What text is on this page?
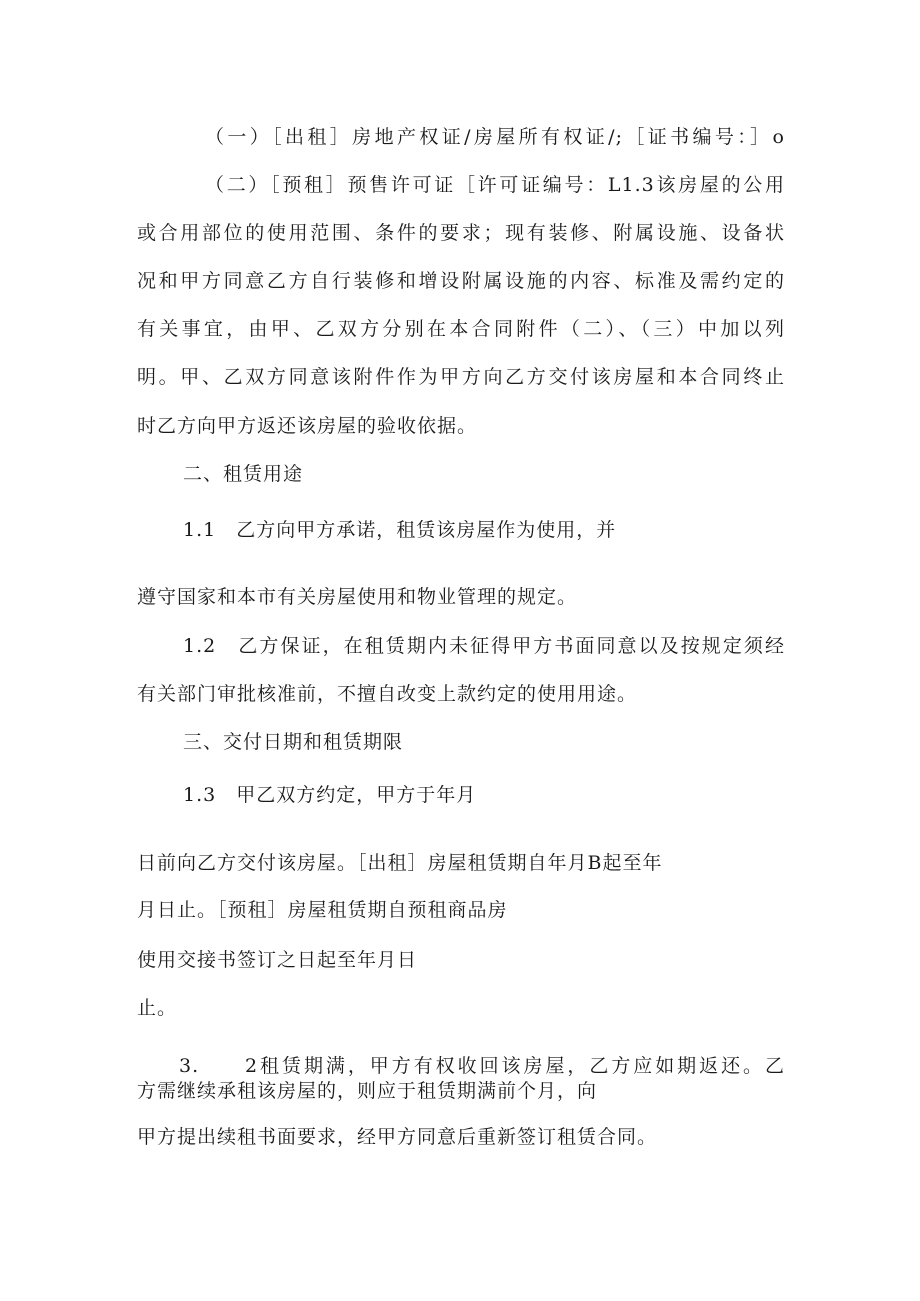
（一）［出租］房地产权证/房屋所有权证/;［证书编号：］o
（二）［预租］预售许可证［许可证编号：L1.3该房屋的公用
或合用部位的使用范围、条件的要求；现有装修、附属设施、设备状
况和甲方同意乙方自行装修和增设附属设施的内容、标准及需约定的
有关事宜，由甲、乙双方分别在本合同附件（二）、（三）中加以列
明。甲、乙双方同意该附件作为甲方向乙方交付该房屋和本合同终止
时乙方向甲方返还该房屋的验收依据。
二、租赁用途
1.1　乙方向甲方承诺，租赁该房屋作为使用，并
遵守国家和本市有关房屋使用和物业管理的规定。
1.2　乙方保证，在租赁期内未征得甲方书面同意以及按规定须经
有关部门审批核准前，不擅自改变上款约定的使用用途。
三、交付日期和租赁期限
1.3　甲乙双方约定，甲方于年月
日前向乙方交付该房屋。［出租］房屋租赁期自年月B起至年
月日止。［预租］房屋租赁期自预租商品房
使用交接书签订之日起至年月日
止。
3.　　2租赁期满，甲方有权收回该房屋，乙方应如期返还。乙
方需继续承租该房屋的，则应于租赁期满前个月，向
甲方提出续租书面要求，经甲方同意后重新签订租赁合同。
